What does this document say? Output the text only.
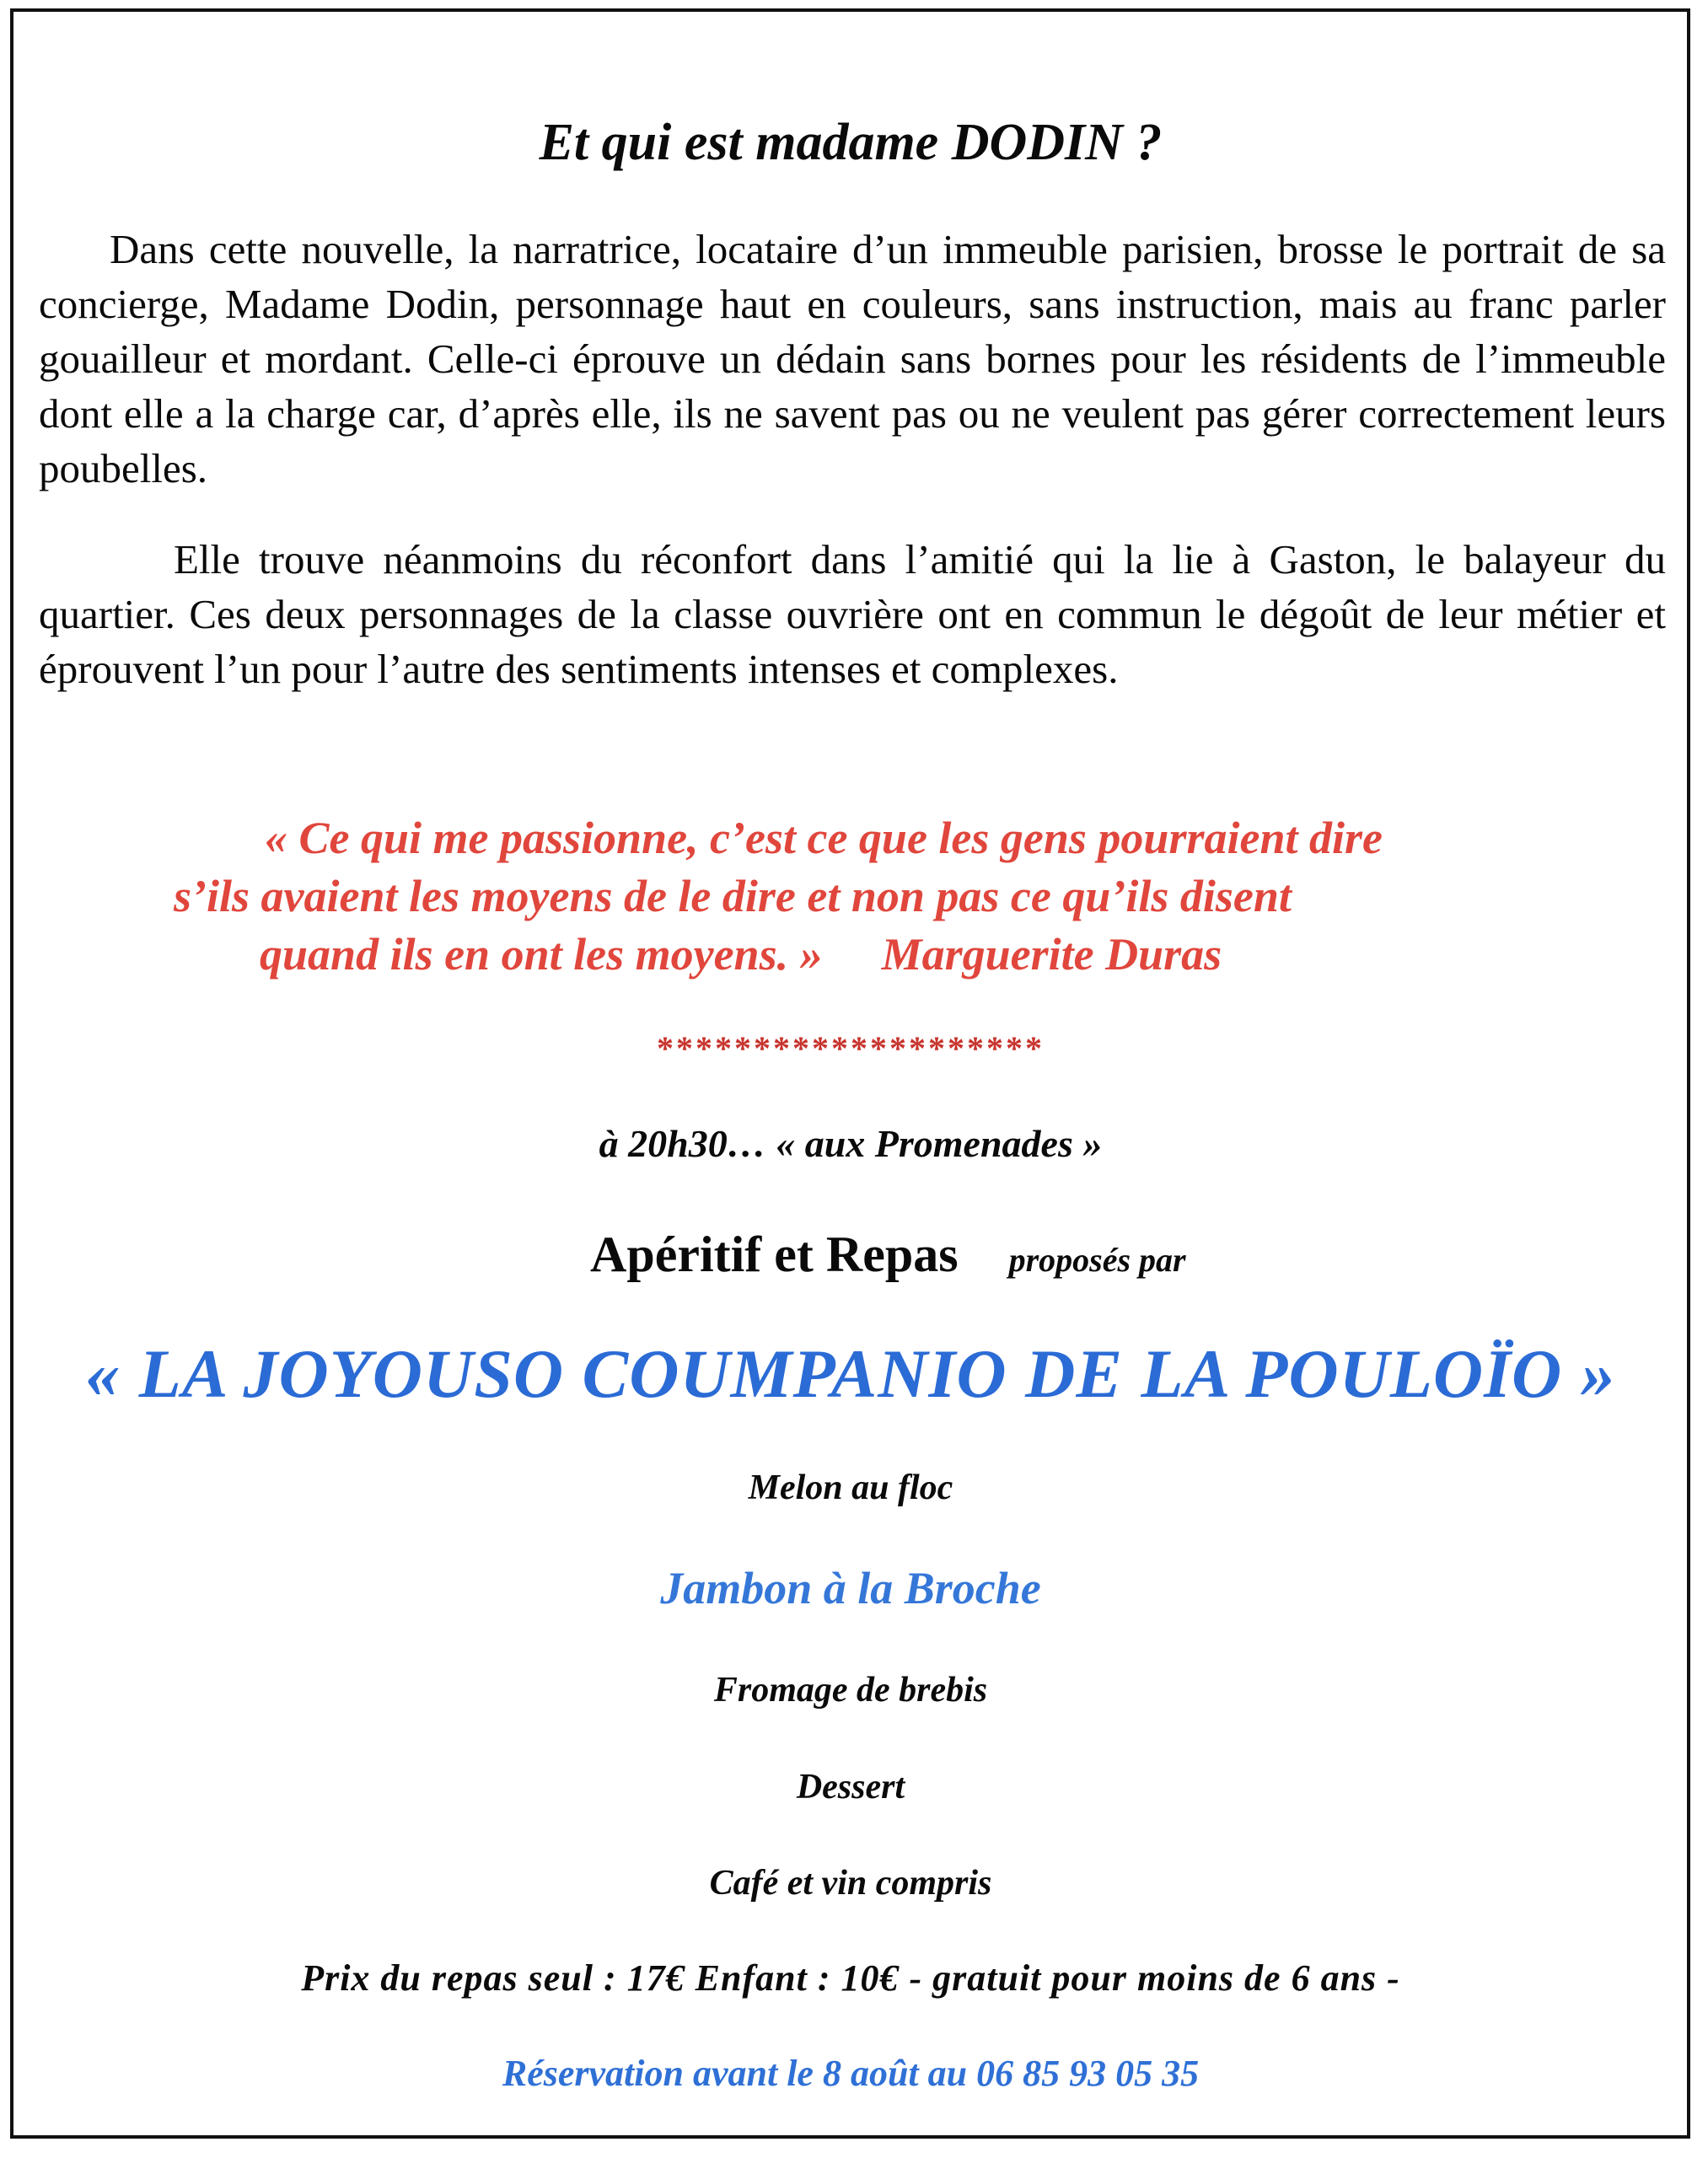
Et qui est madame DODIN ?

Dans cette nouvelle, la narratrice, locataire d’un immeuble parisien, brosse le portrait de sa concierge, Madame Dodin, personnage haut en couleurs, sans instruction, mais au franc parler gouailleur et mordant. Celle-ci éprouve un dédain sans bornes pour les résidents de l’immeuble dont elle a la charge car, d’après elle, ils ne savent pas ou ne veulent pas gérer correctement leurs poubelles.

Elle trouve néanmoins du réconfort dans l’amitié qui la lie à Gaston, le balayeur du quartier. Ces deux personnages de la classe ouvrière ont en commun le dégoût de leur métier et éprouvent l’un pour l’autre des sentiments intenses et complexes.

« Ce qui me passionne, c’est ce que les gens pourraient dire
s’ils avaient les moyens de le dire et non pas ce qu’ils disent
quand ils en ont les moyens. » Marguerite Duras
********************
à 20h30… « aux Promenades »
Apéritif et Repas proposés par
« LA JOYOUSO COUMPANIO DE LA POULOÏO »
Melon au floc
Jambon à la Broche
Fromage de brebis
Dessert
Café et vin compris
Prix du repas seul : 17€ Enfant : 10€ - gratuit pour moins de 6 ans -
Réservation avant le 8 août au 06 85 93 05 35
